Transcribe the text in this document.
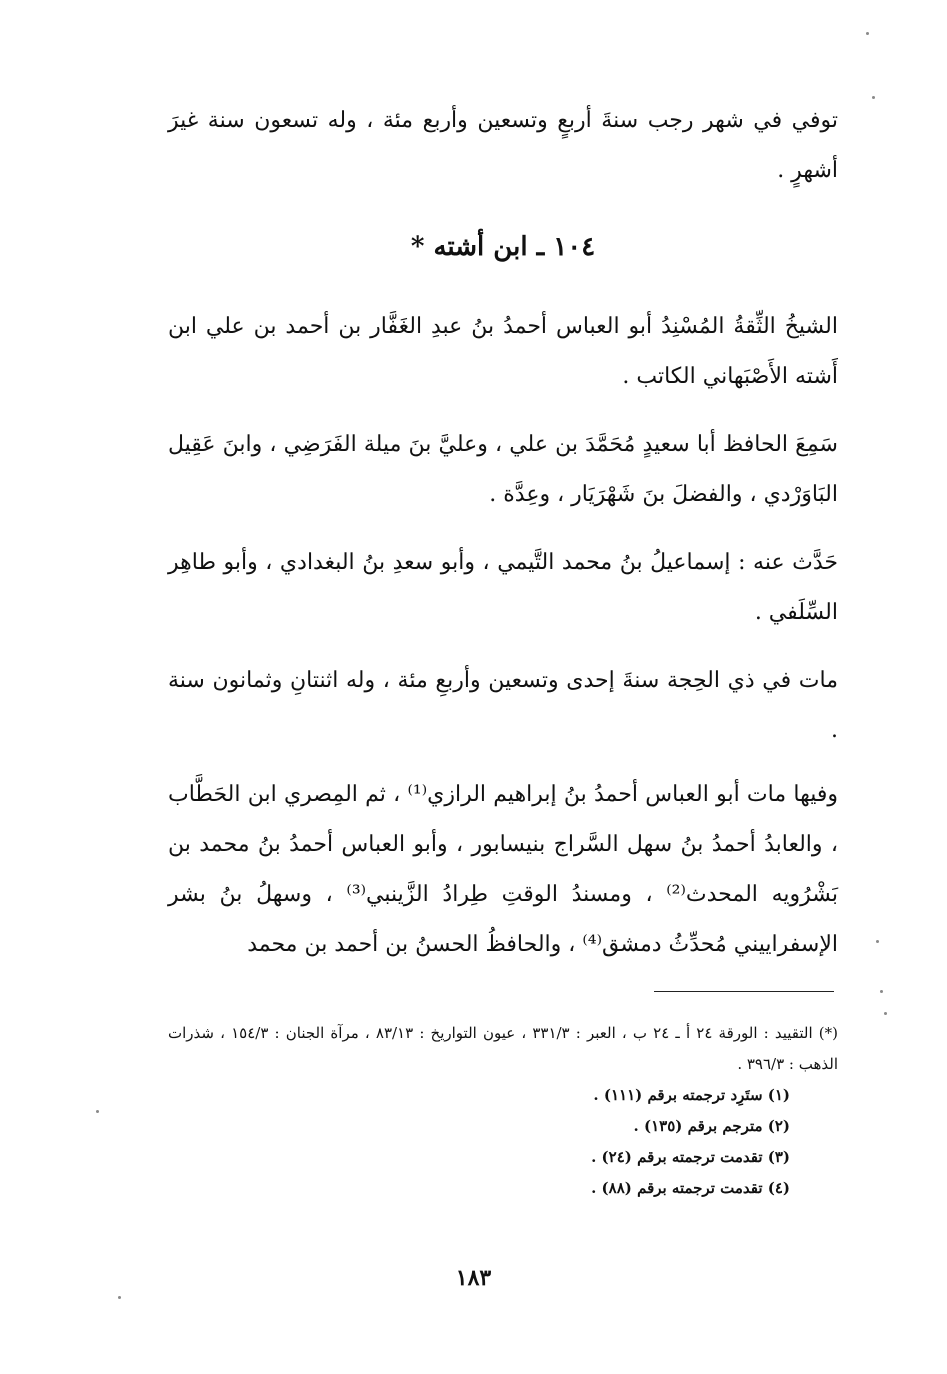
توفي في شهر رجب سنةَ أربعٍ وتسعين وأربع مئة ، وله تسعون سنة غيرَ أشهرٍ .

١٠٤ ـ ابن أشته *

الشيخُ الثِّقةُ المُسْنِدُ أبو العباس أحمدُ بنُ عبدِ الغَفَّار بن أحمد بن علي ابن أَشته الأَصْبَهاني الكاتب .

سَمِعَ الحافظ أبا سعيدٍ مُحَمَّدَ بن علي ، وعليَّ بنَ ميلة الفَرَضِي ، وابنَ عَقِيل البَاوَرْدي ، والفضلَ بنَ شَهْرَيَار ، وعِدَّة .

حَدَّث عنه : إسماعيلُ بنُ محمد التَّيمي ، وأبو سعدِ بنُ البغدادي ، وأبو طاهِر السِّلَفي .

مات في ذي الحِجة سنةَ إحدى وتسعين وأربعِ مئة ، وله اثنتانِ وثمانون سنة .

وفيها مات أبو العباس أحمدُ بنُ إبراهيم الرازي⁽¹⁾ ، ثم المِصري ابن الحَطَّاب ، والعابدُ أحمدُ بنُ سهل السَّراج بنيسابور ، وأبو العباس أحمدُ بنُ محمد بن بَشْرُويه المحدث⁽²⁾ ، ومسندُ الوقتِ طِرادُ الزَّينبي⁽³⁾ ، وسهلُ بنُ بشر الإسفراييني مُحدِّثُ دمشق⁽⁴⁾ ، والحافظُ الحسنُ بن أحمد بن محمد

(*) التقييد : الورقة ٢٤ أ ـ ٢٤ ب ، العبر : ٣٣١/٣ ، عيون التواريخ : ٨٣/١٣ ، مرآة الجنان : ١٥٤/٣ ، شذرات الذهب : ٣٩٦/٣ .

(١) ستَرِد ترجمته برقم (١١١) .

(٢) مترجم برقم (١٣٥) .

(٣) تقدمت ترجمته برقم (٢٤) .

(٤) تقدمت ترجمته برقم (٨٨) .

١٨٣
